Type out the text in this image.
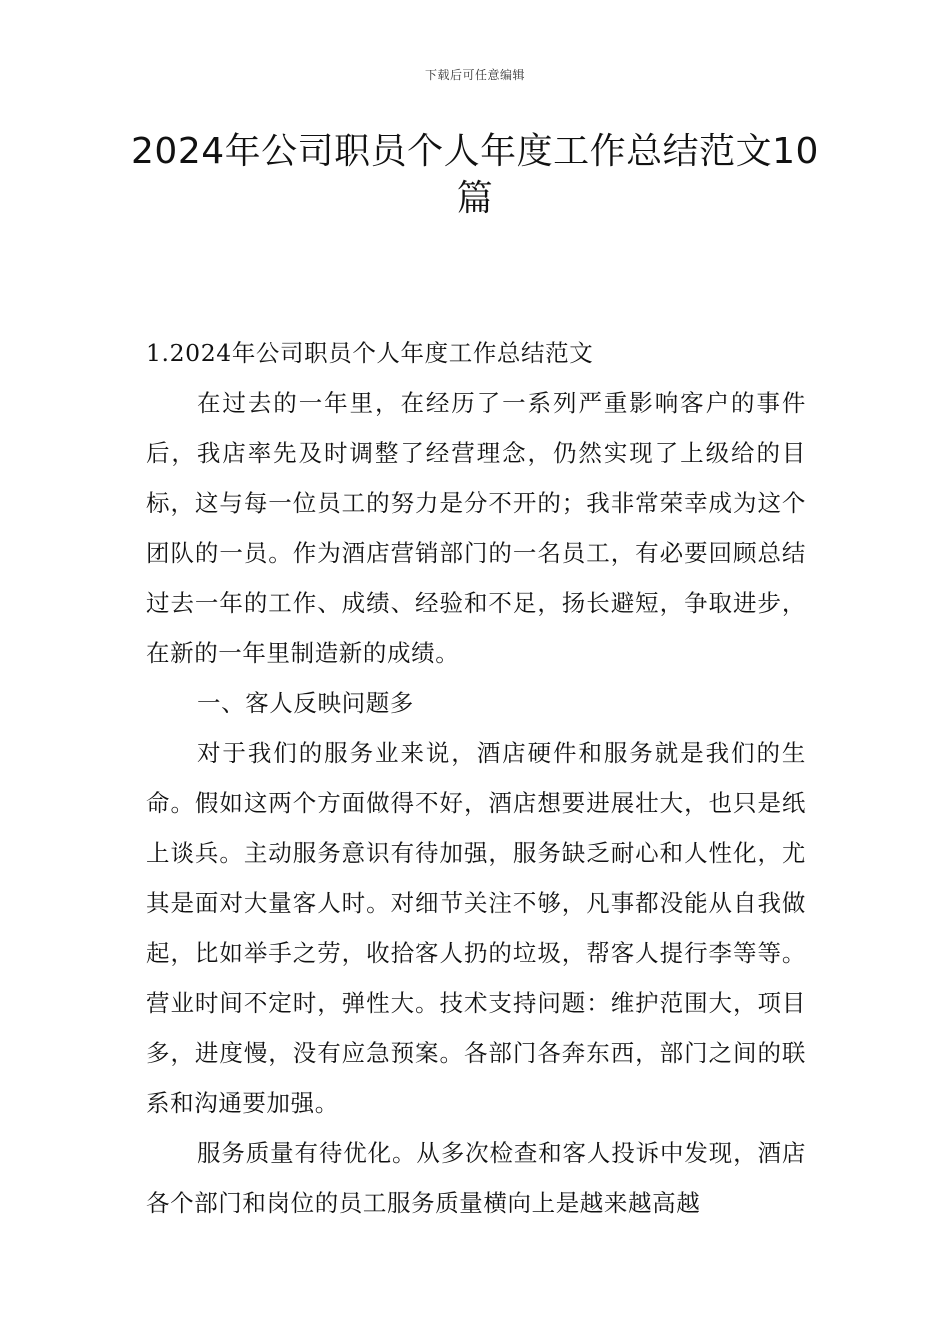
下载后可任意编辑
2024年公司职员个人年度工作总结范文10篇

1.2024年公司职员个人年度工作总结范文

在过去的一年里，在经历了一系列严重影响客户的事件后，我店率先及时调整了经营理念，仍然实现了上级给的目标，这与每一位员工的努力是分不开的；我非常荣幸成为这个团队的一员。作为酒店营销部门的一名员工，有必要回顾总结过去一年的工作、成绩、经验和不足，扬长避短，争取进步，在新的一年里制造新的成绩。

一、客人反映问题多

对于我们的服务业来说，酒店硬件和服务就是我们的生命。假如这两个方面做得不好，酒店想要进展壮大，也只是纸上谈兵。主动服务意识有待加强，服务缺乏耐心和人性化，尤其是面对大量客人时。对细节关注不够，凡事都没能从自我做起，比如举手之劳，收拾客人扔的垃圾，帮客人提行李等等。营业时间不定时，弹性大。技术支持问题：维护范围大，项目多，进度慢，没有应急预案。各部门各奔东西，部门之间的联系和沟通要加强。

服务质量有待优化。从多次检查和客人投诉中发现，酒店各个部门和岗位的员工服务质量横向上是越来越高越
